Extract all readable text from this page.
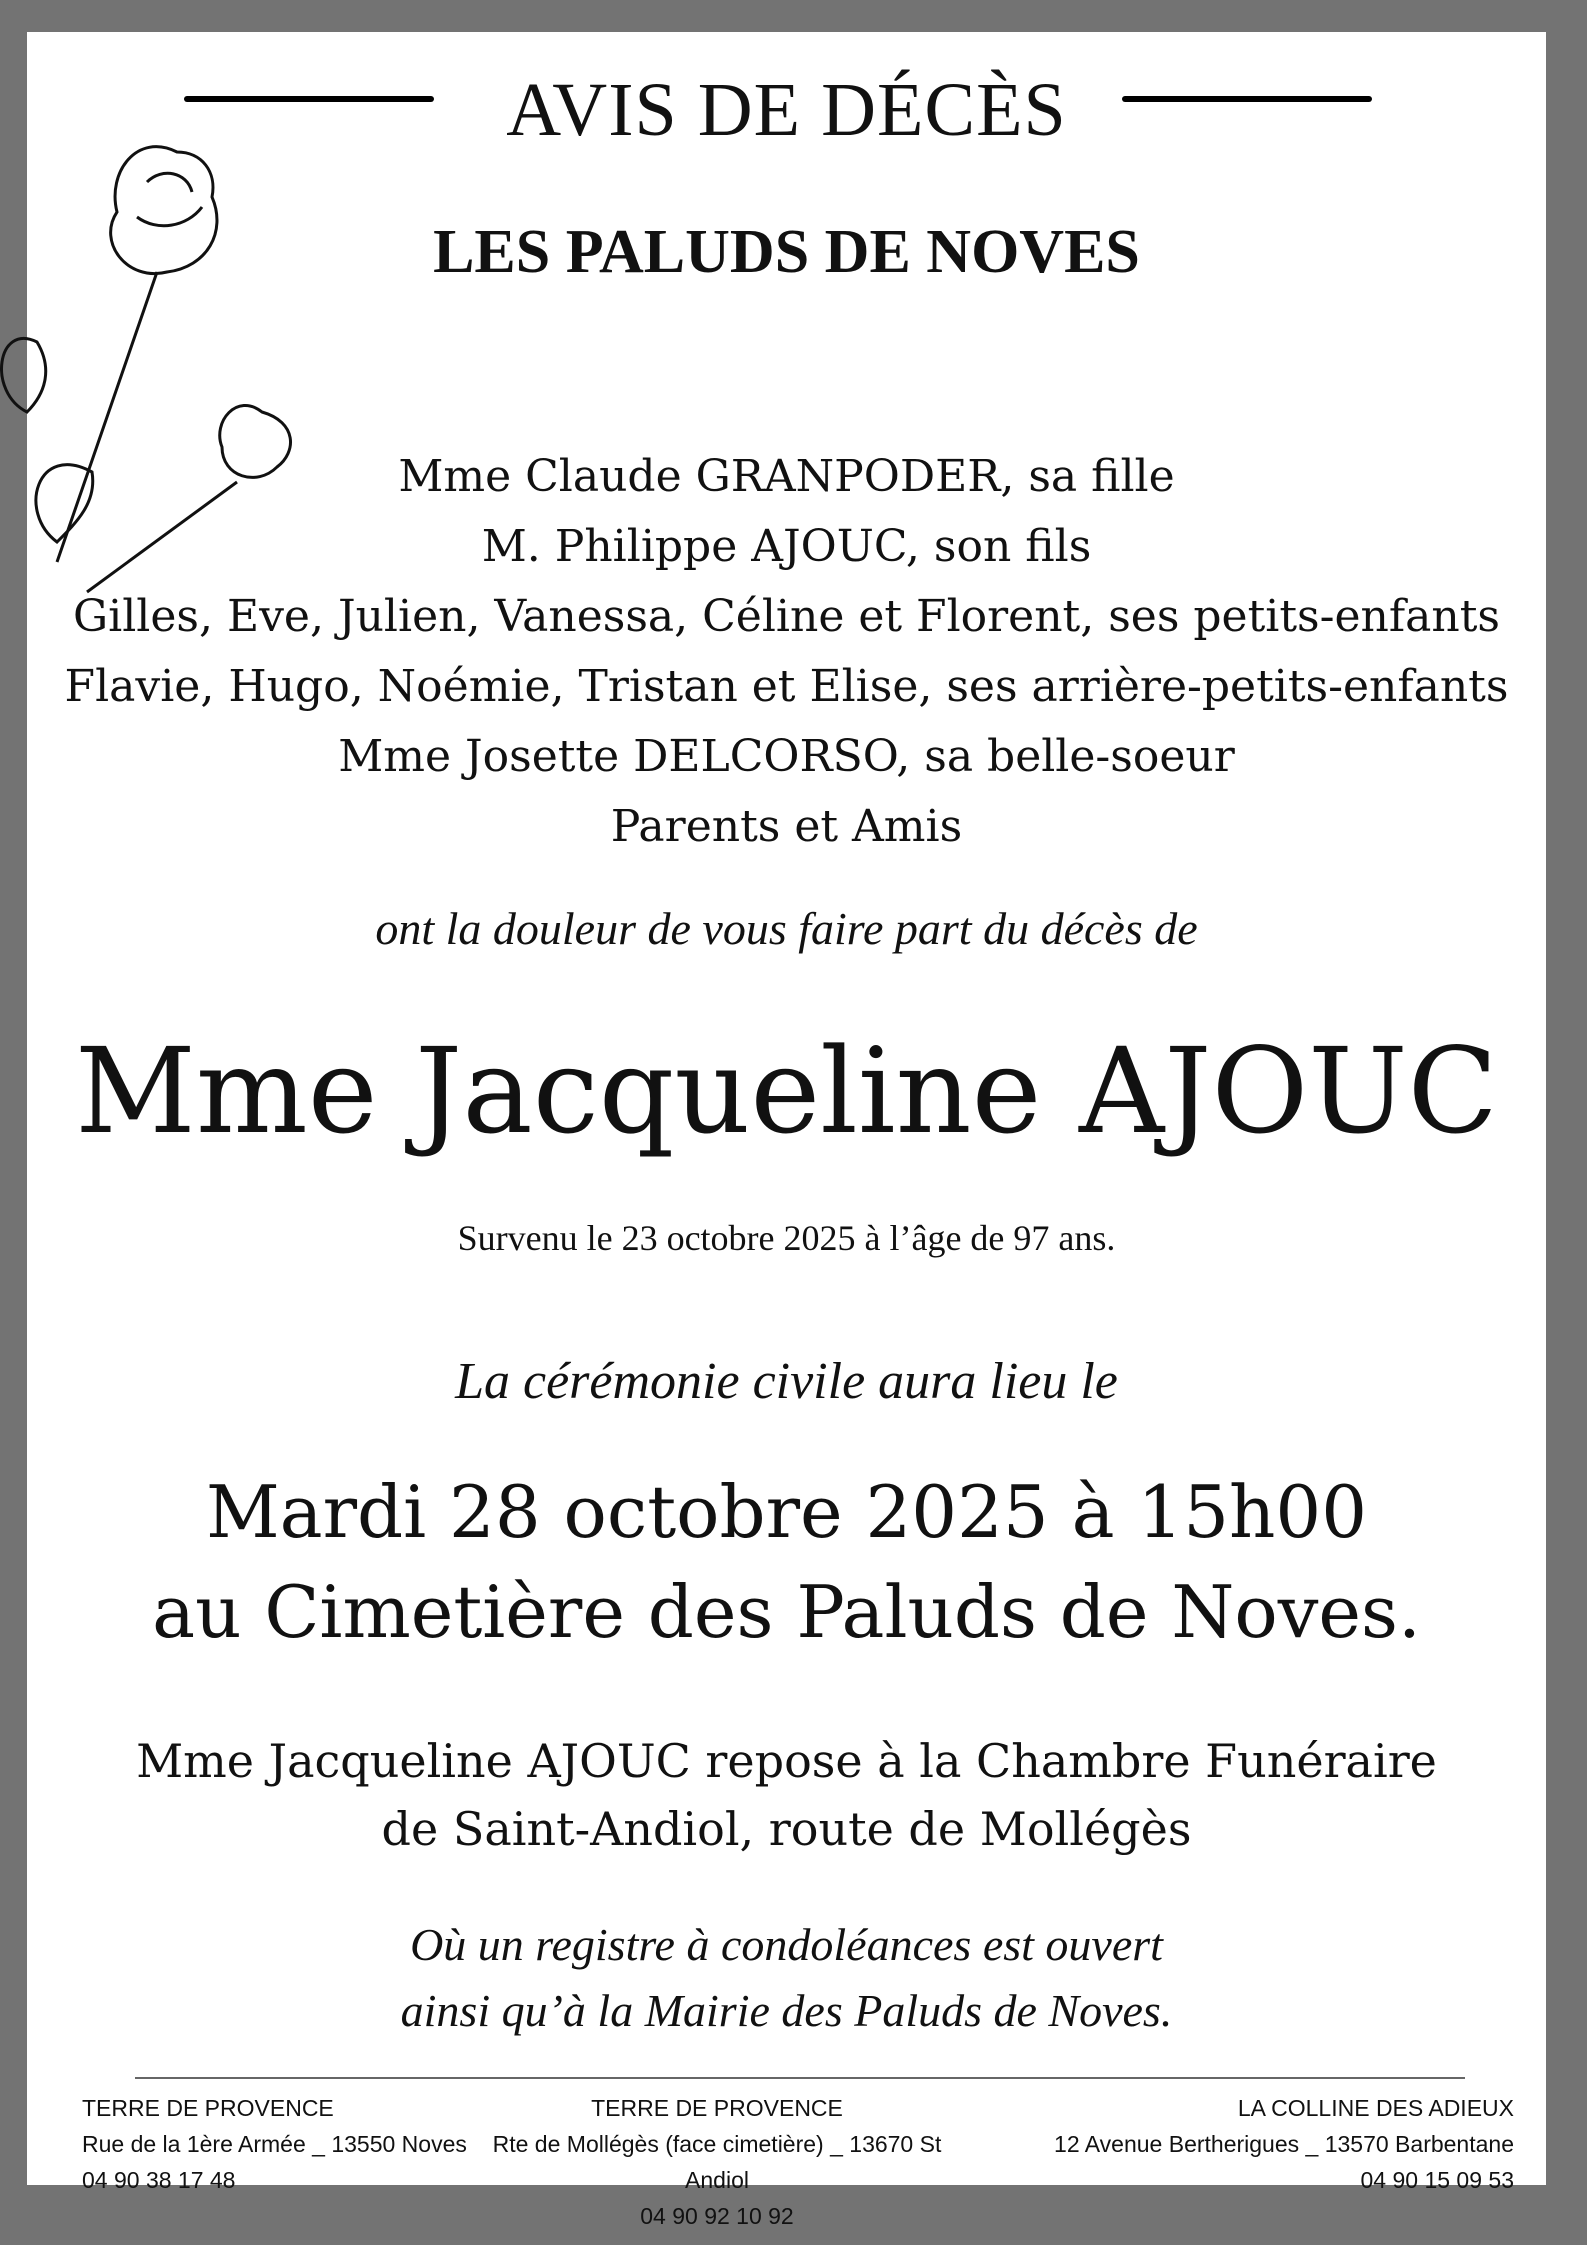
AVIS DE DÉCÈS
LES PALUDS DE NOVES
Mme Claude GRANPODER, sa fille
M. Philippe AJOUC, son fils
Gilles, Eve, Julien, Vanessa, Céline et Florent, ses petits-enfants
Flavie, Hugo, Noémie, Tristan et Elise, ses arrière-petits-enfants
Mme Josette DELCORSO, sa belle-soeur
Parents et Amis
ont la douleur de vous faire part du décès de
Mme Jacqueline AJOUC
Survenu le 23 octobre 2025 à l’âge de 97 ans.
La cérémonie civile aura lieu le
Mardi 28 octobre 2025 à 15h00
au Cimetière des Paluds de Noves.
Mme Jacqueline AJOUC repose à la Chambre Funéraire
de Saint-Andiol, route de Mollégès
Où un registre à condoléances est ouvert
ainsi qu’à la Mairie des Paluds de Noves.
TERRE DE PROVENCE
Rue de la 1ère Armée _ 13550 Noves
04 90 38 17 48
TERRE DE PROVENCE
Rte de Mollégès (face cimetière) _ 13670 St Andiol
04 90 92 10 92
LA COLLINE DES ADIEUX
12 Avenue Bertherigues _ 13570 Barbentane
04 90 15 09 53
